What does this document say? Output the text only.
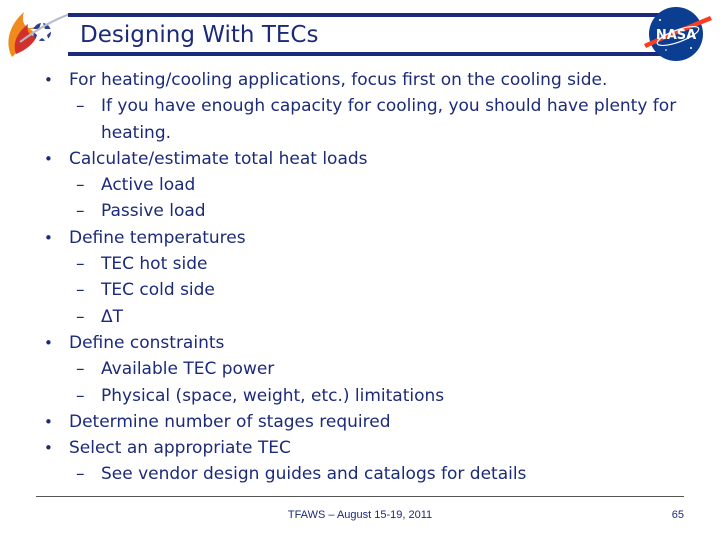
Designing With TECs	NASA
• For heating/cooling applications, focus first on the cooling side.
– If you have enough capacity for cooling, you should have plenty for
heating.
• Calculate/estimate total heat loads
– Active load
– Passive load
• Define temperatures
– TEC hot side
– TEC cold side
– ΔT
• Define constraints
– Available TEC power
– Physical (space, weight, etc.) limitations
• Determine number of stages required
• Select an appropriate TEC
– See vendor design guides and catalogs for details
TFAWS – August 15-19, 2011	65
